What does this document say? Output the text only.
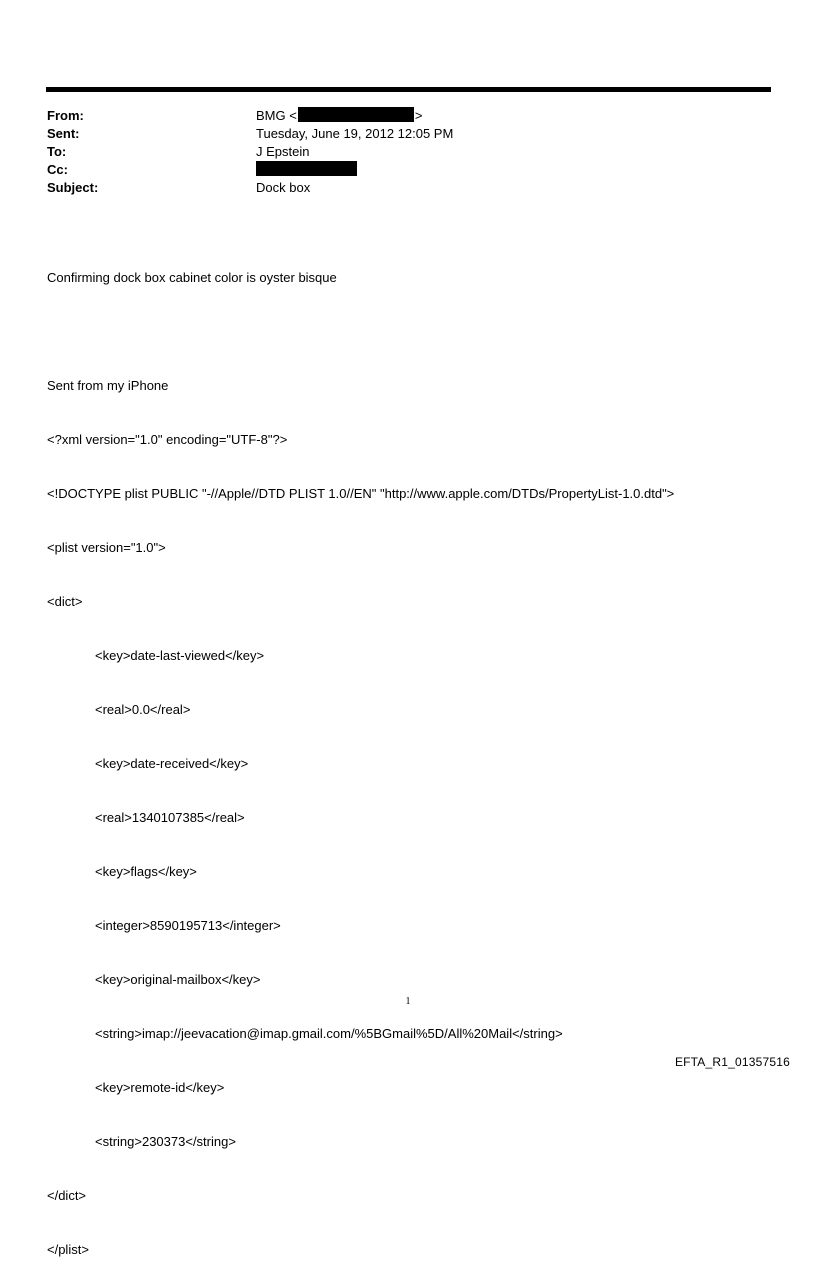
From:	BMG <	>
Sent:	Tuesday, June 19, 2012 12:05 PM
To:	J Epstein
Cc:
Subject:	Dock box

Confirming dock box cabinet color is oyster bisque

Sent from my iPhone

<?xml version="1.0" encoding="UTF-8"?>

<!DOCTYPE plist PUBLIC "-//Apple//DTD PLIST 1.0//EN" "http://www.apple.com/DTDs/PropertyList-1.0.dtd">

<plist version="1.0">

<dict>

<key>date-last-viewed</key>

<real>0.0</real>

<key>date-received</key>

<real>1340107385</real>

<key>flags</key>

<integer>8590195713</integer>

<key>original-mailbox</key>

<string>imap://jeevacation@imap.gmail.com/%5BGmail%5D/All%20Mail</string>

<key>remote-id</key>

<string>230373</string>

</dict>

</plist>

1
EFTA_R1_01357516
